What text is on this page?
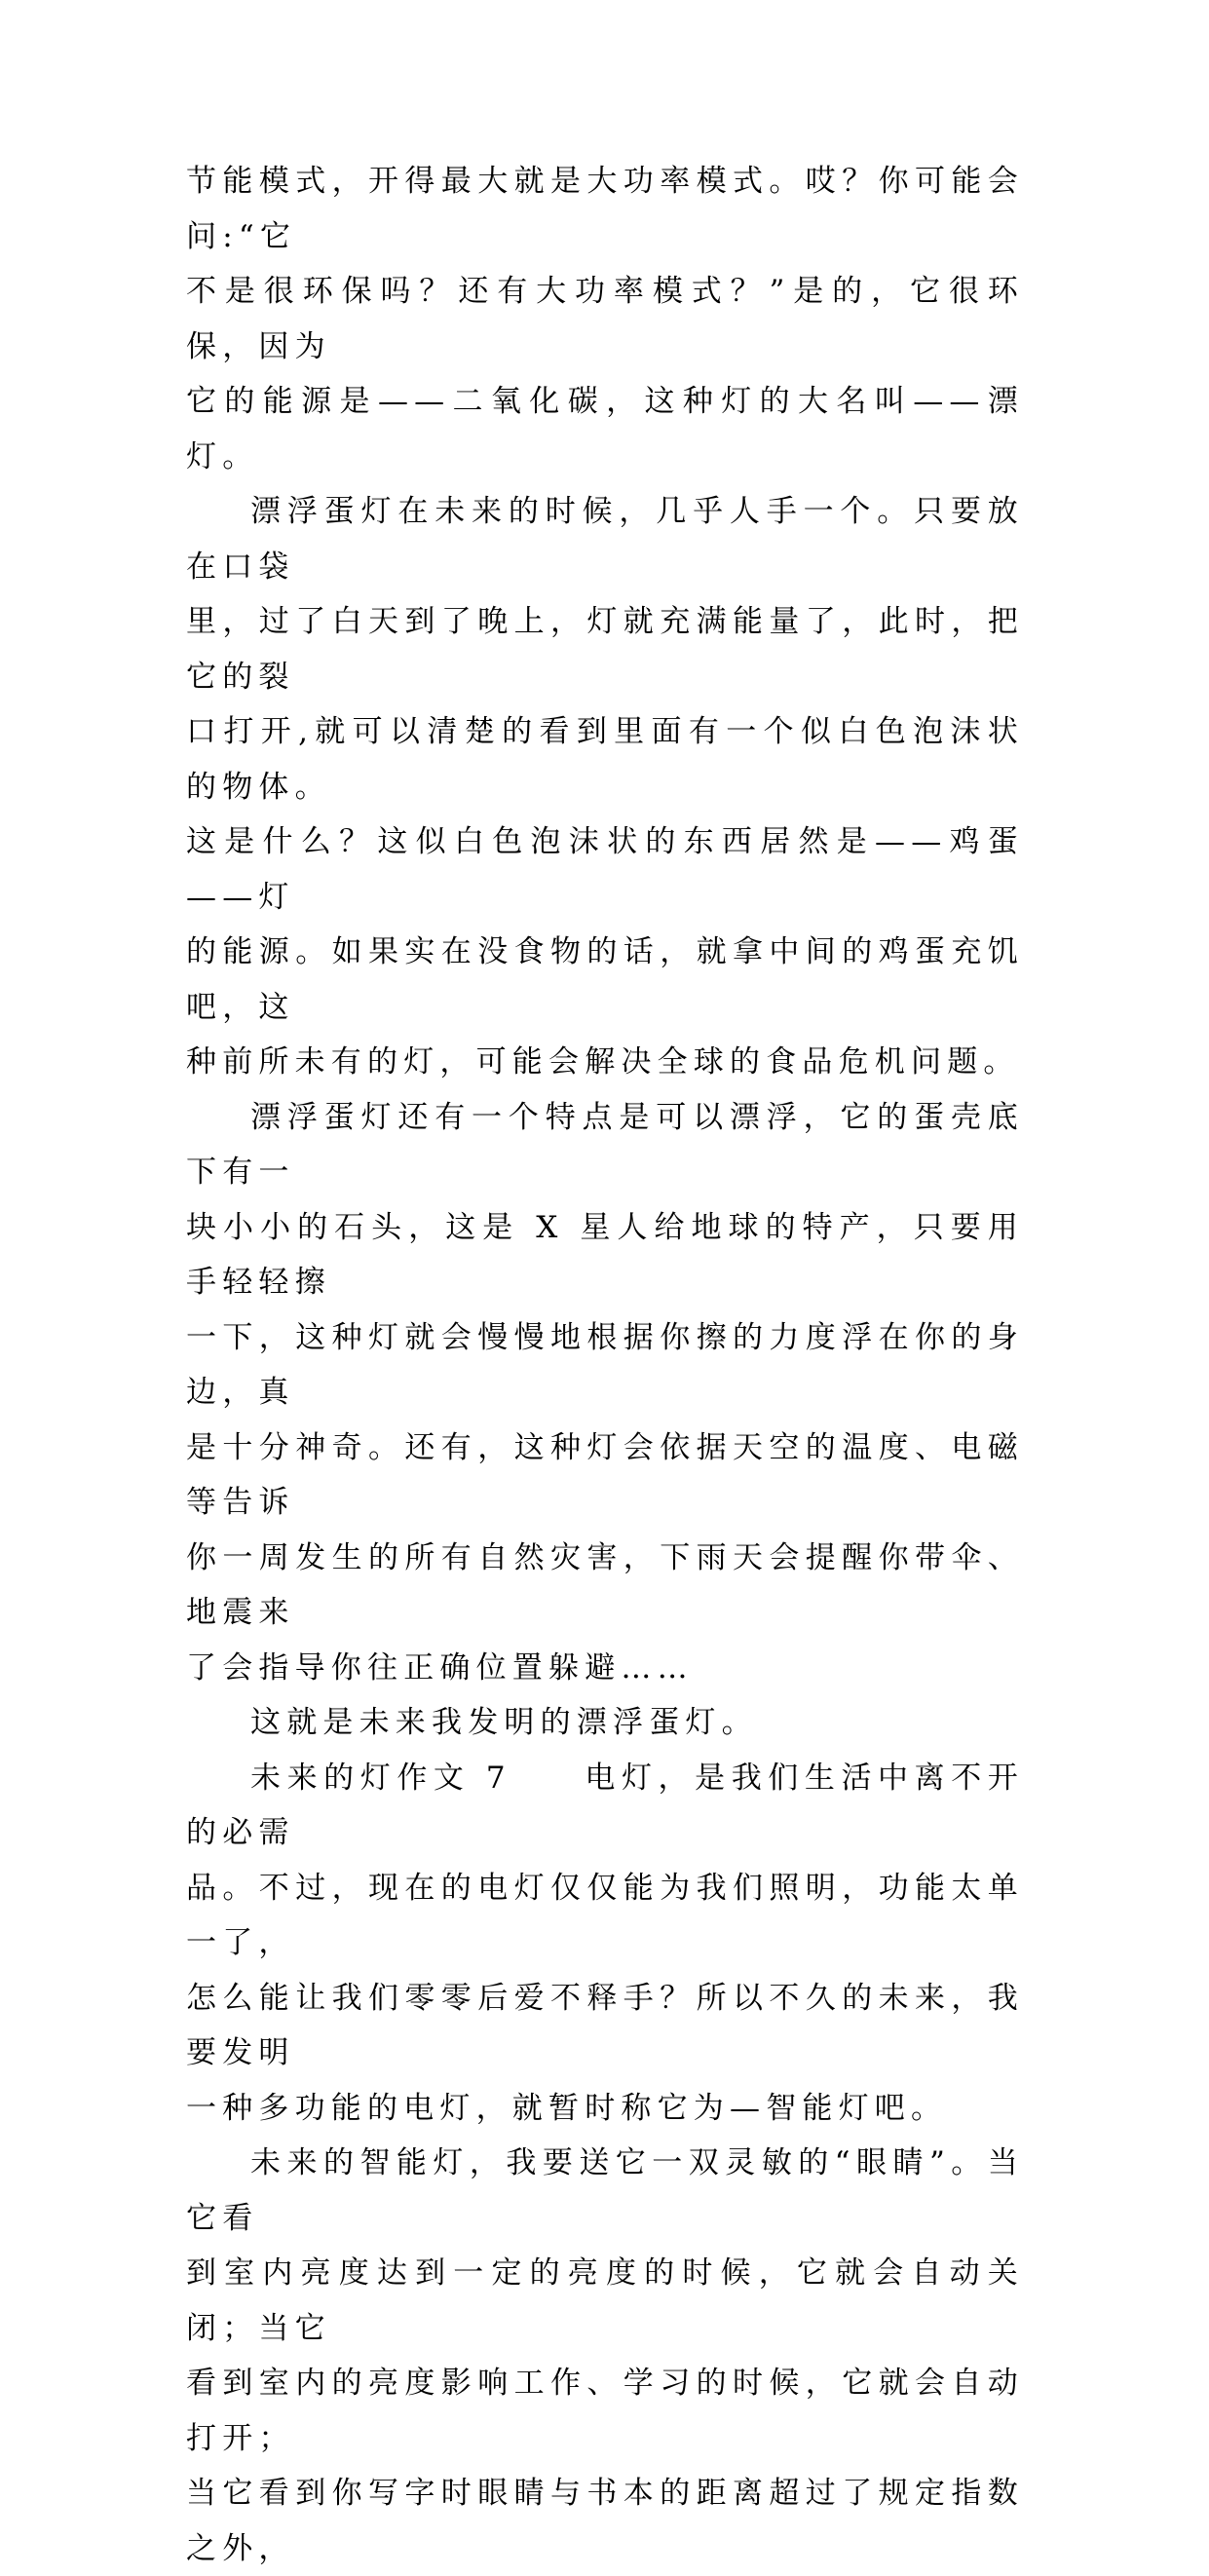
节能模式，开得最大就是大功率模式。哎？你可能会问:“它
不是很环保吗？还有大功率模式？”是的，它很环保，因为
它的能源是——二氧化碳，这种灯的大名叫——漂灯。

漂浮蛋灯在未来的时候，几乎人手一个。只要放在口袋
里，过了白天到了晚上，灯就充满能量了，此时，把它的裂
口打开,就可以清楚的看到里面有一个似白色泡沫状的物体。
这是什么？这似白色泡沫状的东西居然是——鸡蛋——灯
的能源。如果实在没食物的话，就拿中间的鸡蛋充饥吧，这
种前所未有的灯，可能会解决全球的食品危机问题。

漂浮蛋灯还有一个特点是可以漂浮，它的蛋壳底下有一
块小小的石头，这是 X 星人给地球的特产，只要用手轻轻擦
一下，这种灯就会慢慢地根据你擦的力度浮在你的身边，真
是十分神奇。还有，这种灯会依据天空的温度、电磁等告诉
你一周发生的所有自然灾害，下雨天会提醒你带伞、地震来
了会指导你往正确位置躲避……

这就是未来我发明的漂浮蛋灯。

未来的灯作文 7　　电灯，是我们生活中离不开的必需
品。不过，现在的电灯仅仅能为我们照明，功能太单一了，
怎么能让我们零零后爱不释手？所以不久的未来，我要发明
一种多功能的电灯，就暂时称它为—智能灯吧。

未来的智能灯，我要送它一双灵敏的“眼睛”。当它看
到室内亮度达到一定的亮度的时候，它就会自动关闭；当它
看到室内的亮度影响工作、学习的时候，它就会自动打开；
当它看到你写字时眼睛与书本的距离超过了规定指数之外，
